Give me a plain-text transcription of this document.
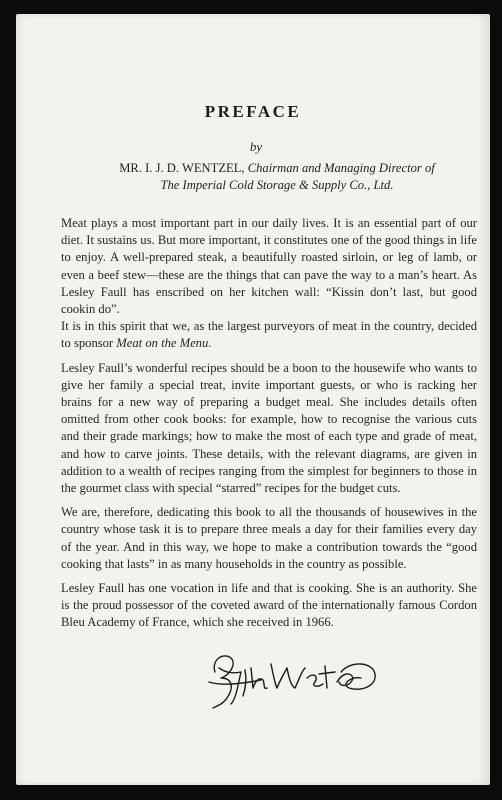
PREFACE

by

MR. I. J. D. WENTZEL, Chairman and Managing Director of
The Imperial Cold Storage & Supply Co., Ltd.

Meat plays a most important part in our daily lives. It is an essential part of our diet. It sustains us. But more important, it constitutes one of the good things in life to enjoy. A well-prepared steak, a beautifully roasted sirloin, or leg of lamb, or even a beef stew—these are the things that can pave the way to a man’s heart. As Lesley Faull has enscribed on her kitchen wall: “Kissin don’t last, but good cookin do”.

It is in this spirit that we, as the largest purveyors of meat in the country, decided to sponsor Meat on the Menu.

Lesley Faull’s wonderful recipes should be a boon to the housewife who wants to give her family a special treat, invite important guests, or who is racking her brains for a new way of preparing a budget meal. She includes details often omitted from other cook books: for example, how to recognise the various cuts and their grade markings; how to make the most of each type and grade of meat, and how to carve joints. These details, with the relevant diagrams, are given in addition to a wealth of recipes ranging from the simplest for beginners to those in the gourmet class with special “starred” recipes for the budget cuts.

We are, therefore, dedicating this book to all the thousands of housewives in the country whose task it is to prepare three meals a day for their families every day of the year. And in this way, we hope to make a contribution towards the “good cooking that lasts” in as many households in the country as possible.

Lesley Faull has one vocation in life and that is cooking. She is an authority. She is the proud possessor of the coveted award of the internationally famous Cordon Bleu Academy of France, which she received in 1966.
